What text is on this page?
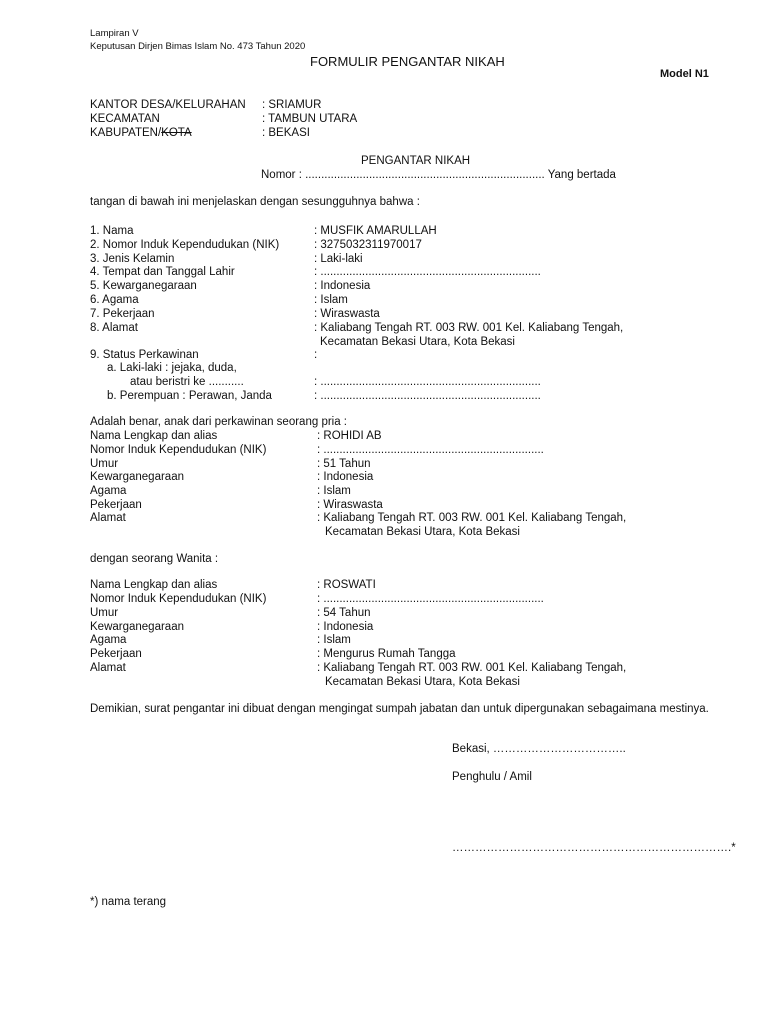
Lampiran V
Keputusan Dirjen Bimas Islam No. 473 Tahun 2020
FORMULIR PENGANTAR NIKAH
Model N1
KANTOR DESA/KELURAHAN : SRIAMUR
KECAMATAN	: TAMBUN UTARA
KABUPATEN/KOTA	: BEKASI
PENGANTAR NIKAH
Nomor : ........................................................................... Yang bertada
tangan di bawah ini menjelaskan dengan sesungguhnya bahwa :
1. Nama	: MUSFIK AMARULLAH
2. Nomor Induk Kependudukan (NIK)	: 3275032311970017
3. Jenis Kelamin	: Laki-laki
4. Tempat dan Tanggal Lahir	: .....................................................................
5. Kewarganegaraan	: Indonesia
6. Agama	: Islam
7. Pekerjaan	: Wiraswasta
8. Alamat	: Kaliabang Tengah RT. 003 RW. 001 Kel. Kaliabang Tengah,
Kecamatan Bekasi Utara, Kota Bekasi
9. Status Perkawinan	:
a. Laki-laki : jejaka, duda,
atau beristri ke ...........	: .....................................................................
b. Perempuan : Perawan, Janda	: .....................................................................
Adalah benar, anak dari perkawinan seorang pria :
Nama Lengkap dan alias	: ROHIDI AB
Nomor Induk Kependudukan (NIK)	: .....................................................................
Umur	: 51 Tahun
Kewarganegaraan	: Indonesia
Agama	: Islam
Pekerjaan	: Wiraswasta
Alamat	: Kaliabang Tengah RT. 003 RW. 001 Kel. Kaliabang Tengah,
Kecamatan Bekasi Utara, Kota Bekasi
dengan seorang Wanita :
Nama Lengkap dan alias	: ROSWATI
Nomor Induk Kependudukan (NIK)	: .....................................................................
Umur	: 54 Tahun
Kewarganegaraan	: Indonesia
Agama	: Islam
Pekerjaan	: Mengurus Rumah Tangga
Alamat	: Kaliabang Tengah RT. 003 RW. 001 Kel. Kaliabang Tengah,
Kecamatan Bekasi Utara, Kota Bekasi
Demikian, surat pengantar ini dibuat dengan mengingat sumpah jabatan dan untuk dipergunakan sebagaimana mestinya.
Bekasi, ……………………………..
Penghulu / Amil
……………………………………………………………….*
*) nama terang
